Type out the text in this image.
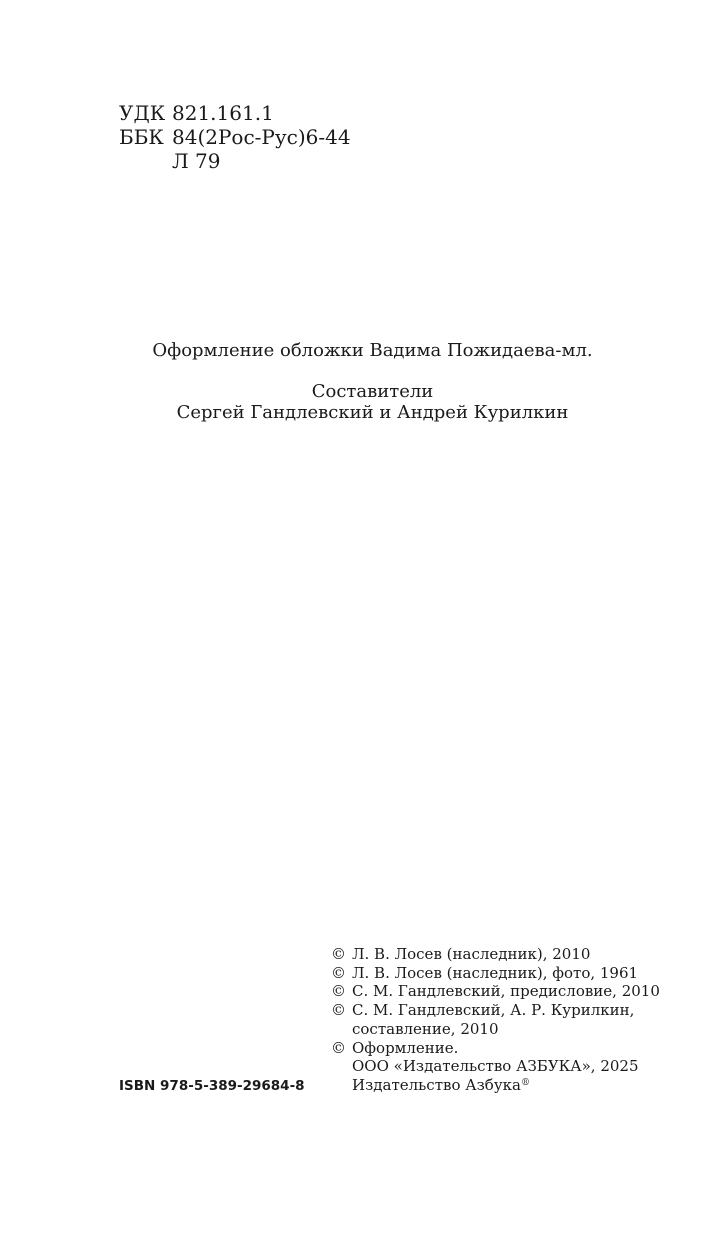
УДК 821.161.1
ББК 84(2Рос-Рус)6-44
Л 79
Оформление обложки Вадима Пожидаева-мл.
Составители
Сергей Гандлевский и Андрей Курилкин
© Л. В. Лосев (наследник), 2010
© Л. В. Лосев (наследник), фото, 1961
© С. М. Гандлевский, предисловие, 2010
© С. М. Гандлевский, А. Р. Курилкин,
составление, 2010
© Оформление.
ООО «Издательство АЗБУКА», 2025
Издательство Азбука®
ISBN 978-5-389-29684-8
